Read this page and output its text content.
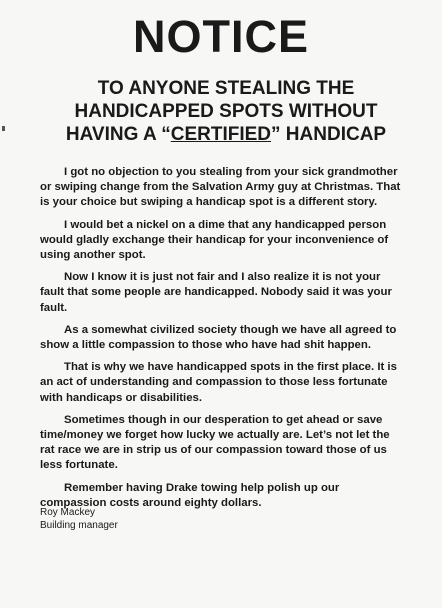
NOTICE
TO ANYONE STEALING THE
HANDICAPPED SPOTS WITHOUT
HAVING A “CERTIFIED” HANDICAP

I got no objection to you stealing from your sick grandmother or swiping change from the Salvation Army guy at Christmas. That is your choice but swiping a handicap spot is a different story.

I would bet a nickel on a dime that any handicapped person would gladly exchange their handicap for your inconvenience of using another spot.

Now I know it is just not fair and I also realize it is not your fault that some people are handicapped. Nobody said it was your fault.

As a somewhat civilized society though we have all agreed to show a little compassion to those who have had shit happen.

That is why we have handicapped spots in the first place. It is an act of understanding and compassion to those less fortunate with handicaps or disabilities.

Sometimes though in our desperation to get ahead or save time/money we forget how lucky we actually are. Let’s not let the rat race we are in strip us of our compassion toward those of us less fortunate.

Remember having Drake towing help polish up our compassion costs around eighty dollars.

Roy Mackey
Building manager
